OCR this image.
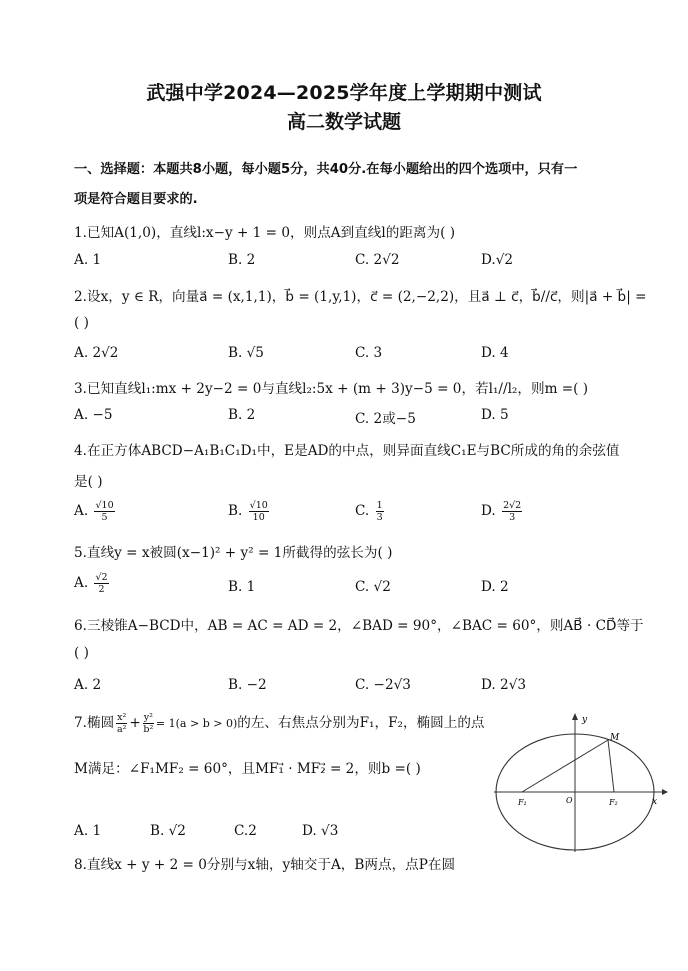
武强中学2024—2025学年度上学期期中测试
高二数学试题
一、选择题：本题共8小题，每小题5分，共40分.在每小题给出的四个选项中，只有一
项是符合题目要求的.
1.已知A(1,0)，直线l:x−y + 1 = 0，则点A到直线l的距离为( )
A. 1	B. 2	C. 2√2	D.√2
2.设x，y ∈ R，向量a⃗ = (x,1,1)，b⃗ = (1,y,1)，c⃗ = (2,−2,2)，且a⃗ ⊥ c⃗，b⃗//c⃗，则|a⃗ + b⃗| =
( )
A. 2√2	B. √5	C. 3	D. 4
3.已知直线l₁:mx + 2y−2 = 0与直线l₂:5x + (m + 3)y−5 = 0，若l₁//l₂，则m =( )
A. −5	B. 2	C. 2或−5	D. 5
4.在正方体ABCD−A₁B₁C₁D₁中，E是AD的中点，则异面直线C₁E与BC所成的角的余弦值
是( )
A. $\frac{√10}{5}$	B. $\frac{√10}{10}$	C. $\frac{1}{3}$	D. $\frac{2√2}{3}$
5.直线y = x被圆(x−1)² + y² = 1所截得的弦长为( )
A. $\frac{√2}{2}$	B. 1	C. √2	D. 2
6.三棱锥A−BCD中，AB = AC = AD = 2，∠BAD = 90°，∠BAC = 60°，则AB⃗ · CD⃗等于
( )
A. 2	B. −2	C. −2√3	D. 2√3
7.椭圆 $\frac{\text{x²}}{\text{a²}} + \frac{\text{y²}}{\text{b²}} = 1(a > b > 0)$的左、右焦点分别为F₁，F₂，椭圆上的点
M满足：∠F₁MF₂ = 60°，且MF₁⃗ · MF₂⃗ = 2，则b =( )
A. 1	B. √2	C.2	D. √3
8.直线x + y + 2 = 0分别与x轴，y轴交于A，B两点，点P在圆
y
x
M
F₁	O	F₂
